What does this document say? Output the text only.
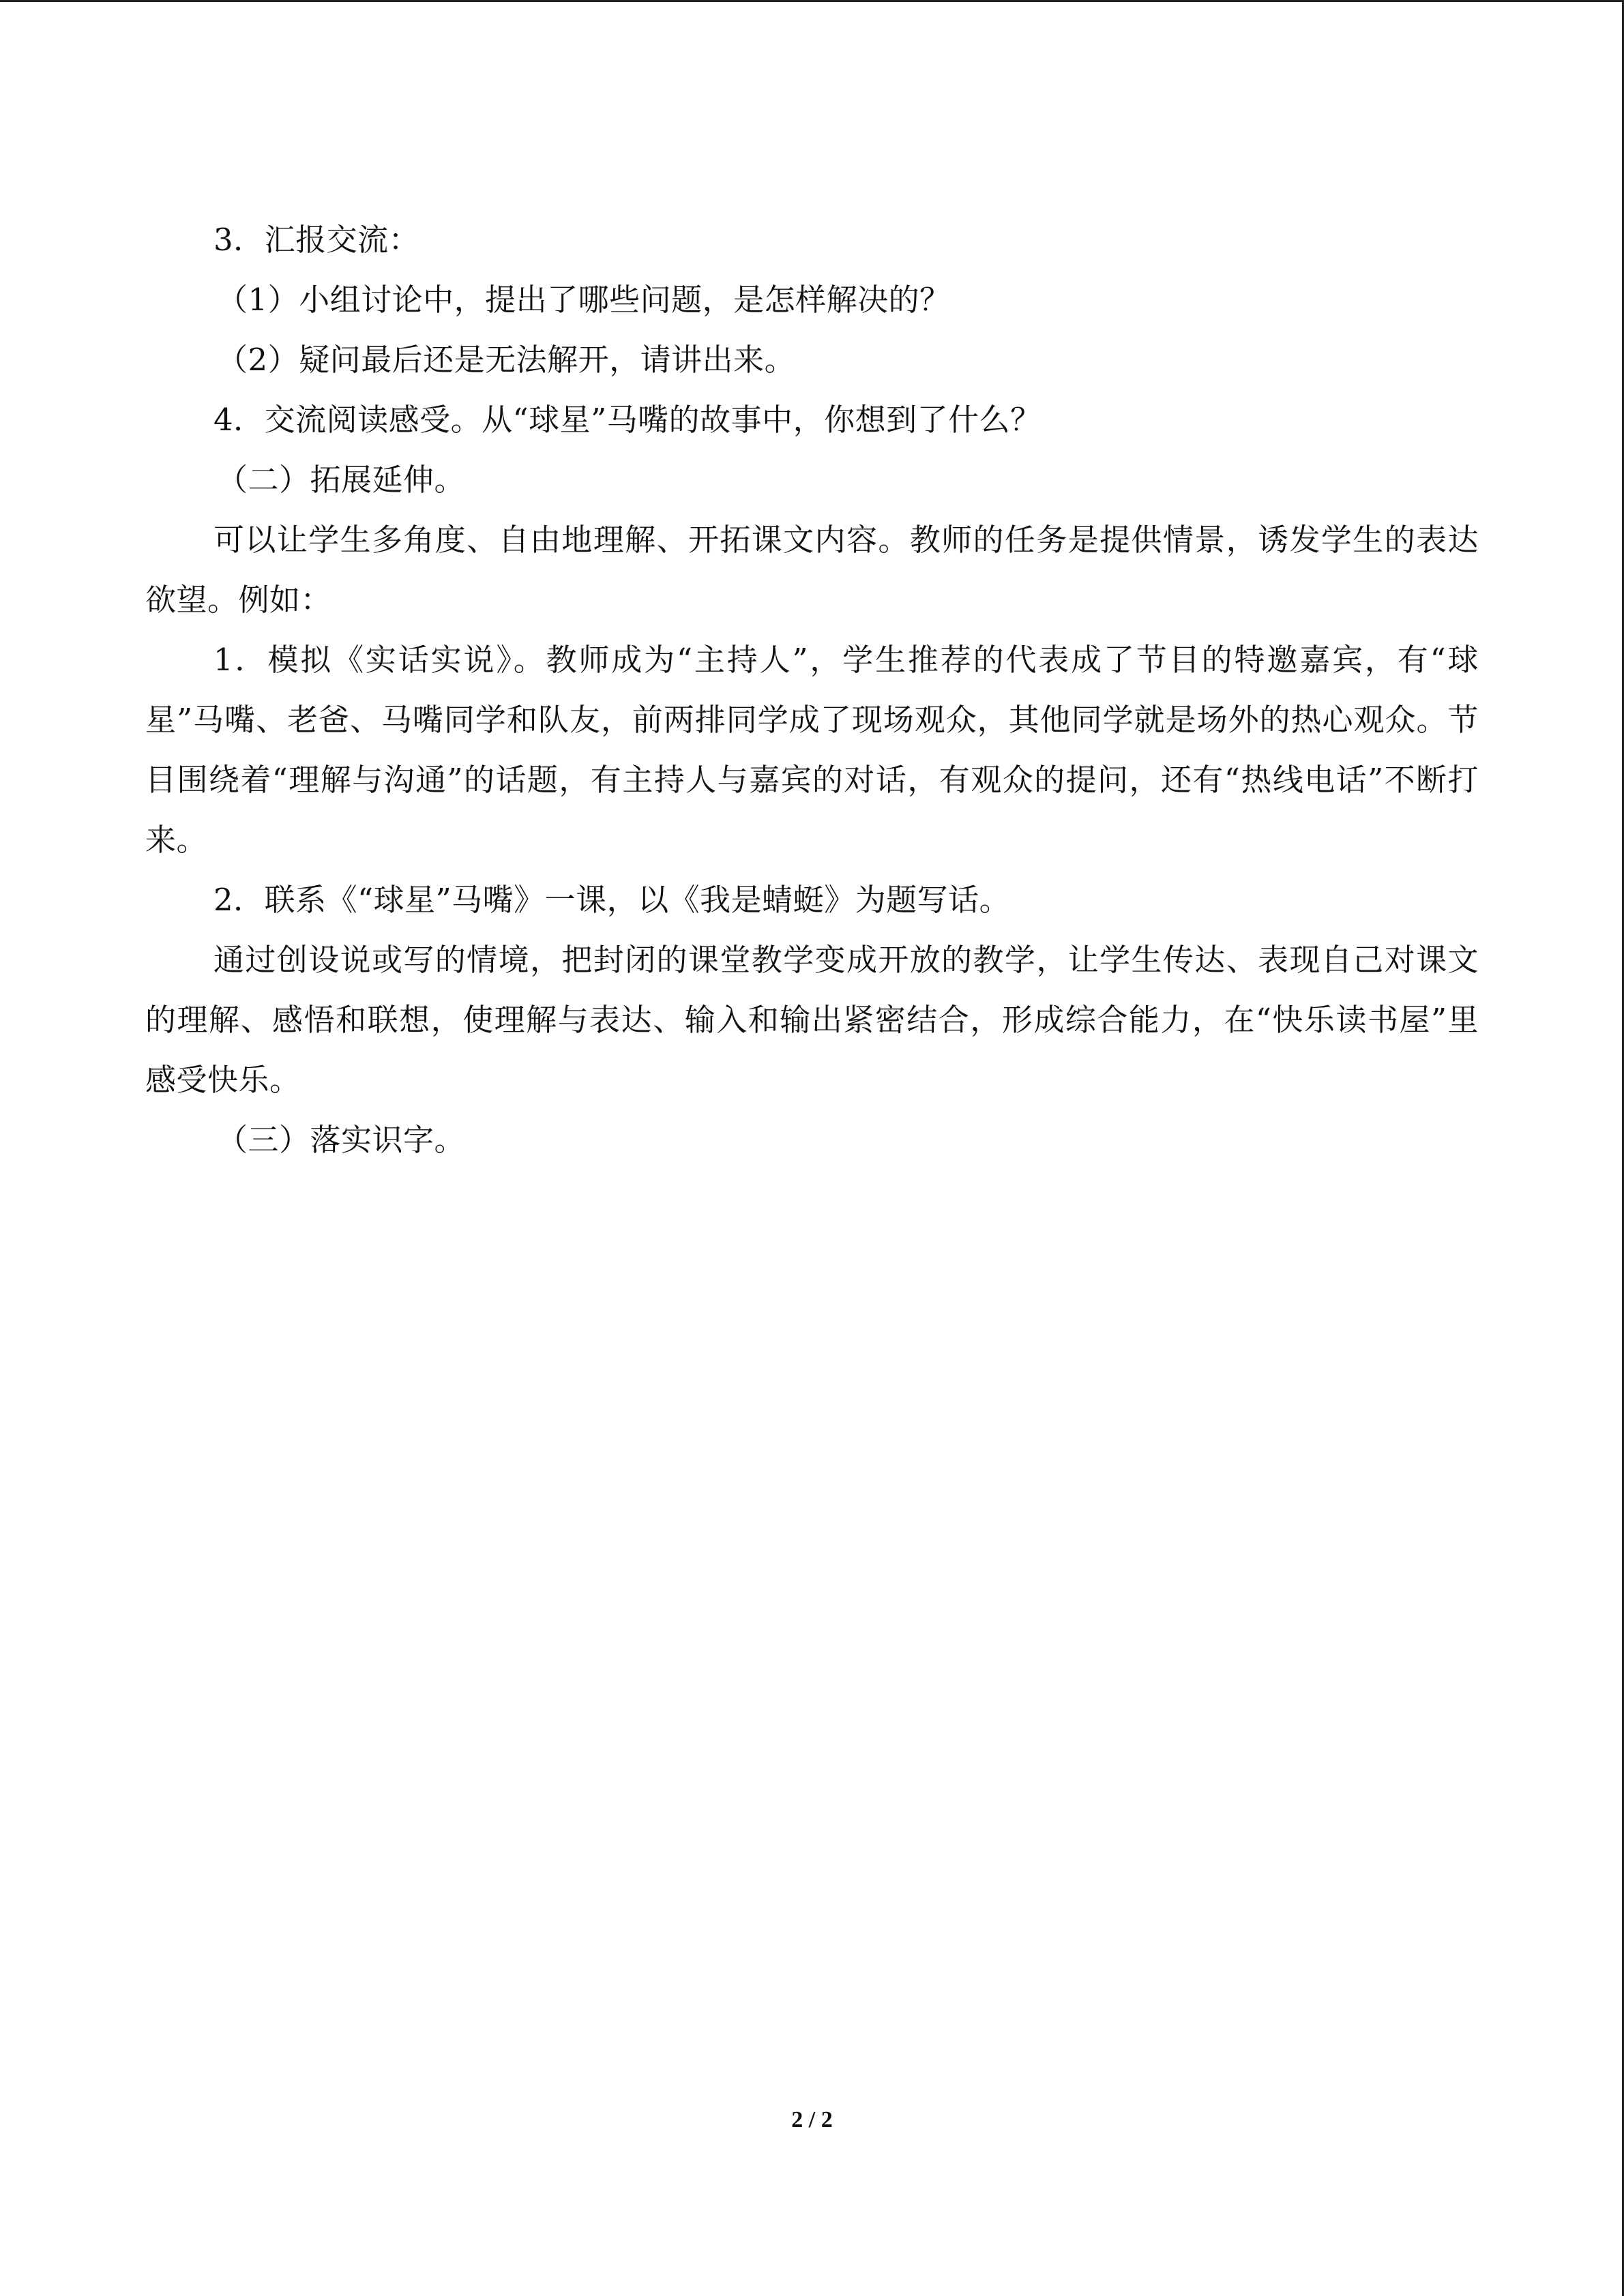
3．汇报交流：
（1）小组讨论中，提出了哪些问题，是怎样解决的？
（2）疑问最后还是无法解开，请讲出来。
4．交流阅读感受。从“球星”马嘴的故事中，你想到了什么？
（二）拓展延伸。
可以让学生多角度、自由地理解、开拓课文内容。教师的任务是提供情景，诱发学生的表达欲望。例如：
1．模拟《实话实说》。教师成为“主持人”，学生推荐的代表成了节目的特邀嘉宾，有“球星”马嘴、老爸、马嘴同学和队友，前两排同学成了现场观众，其他同学就是场外的热心观众。节目围绕着“理解与沟通”的话题，有主持人与嘉宾的对话，有观众的提问，还有“热线电话”不断打来。
2．联系《“球星”马嘴》一课，以《我是蜻蜓》为题写话。
通过创设说或写的情境，把封闭的课堂教学变成开放的教学，让学生传达、表现自己对课文的理解、感悟和联想，使理解与表达、输入和输出紧密结合，形成综合能力，在“快乐读书屋”里感受快乐。
（三）落实识字。
2 / 2
